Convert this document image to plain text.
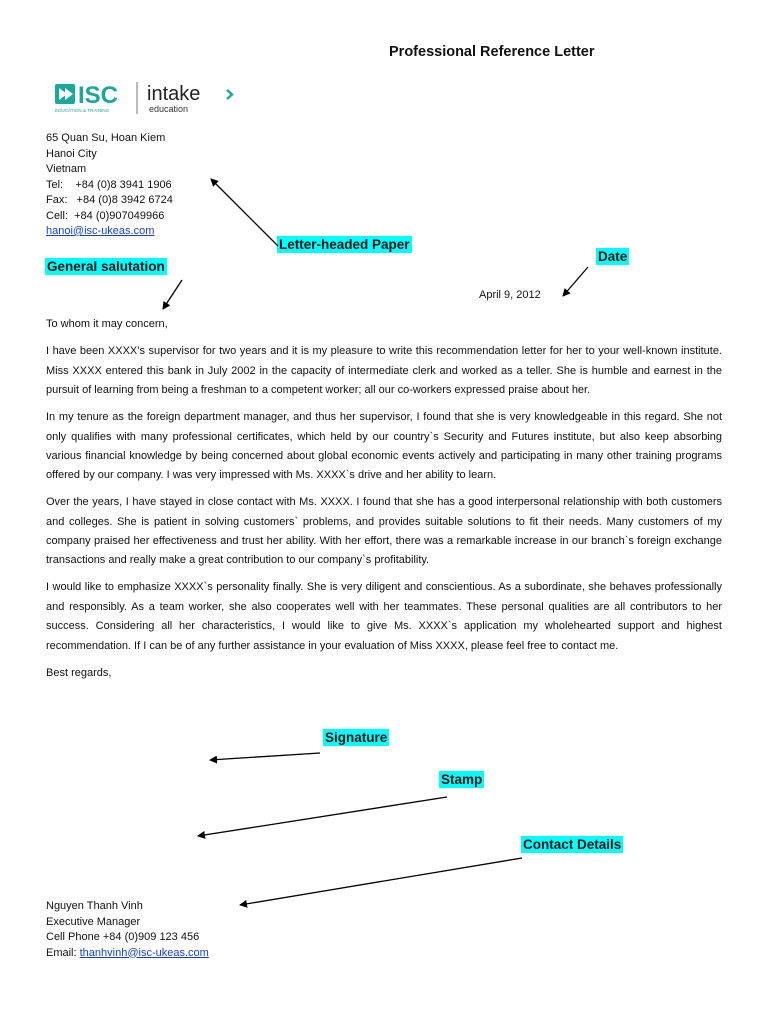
Professional Reference Letter
ISC
EDUCATION & TRAINING
intake
education
65 Quan Su, Hoan Kiem
Hanoi City
Vietnam
Tel:    +84 (0)8 3941 1906
Fax:   +84 (0)8 3942 6724
Cell:  +84 (0)907049966
hanoi@isc-ukeas.com
Letter-headed Paper
General salutation
Date
Signature
Stamp
Contact Details
April 9, 2012

To whom it may concern,

I have been XXXX’s supervisor for two years and it is my pleasure to write this recommendation letter for her to your well-known institute. Miss XXXX entered this bank in July 2002 in the capacity of intermediate clerk and worked as a teller. She is humble and earnest in the pursuit of learning from being a freshman to a competent worker; all our co-workers expressed praise about her.

In my tenure as the foreign department manager, and thus her supervisor, I found that she is very knowledgeable in this regard. She not only qualifies with many professional certificates, which held by our country`s Security and Futures institute, but also keep absorbing various financial knowledge by being concerned about global economic events actively and participating in many other training programs offered by our company. I was very impressed with Ms. XXXX`s drive and her ability to learn.

Over the years, I have stayed in close contact with Ms. XXXX. I found that she has a good interpersonal relationship with both customers and colleges. She is patient in solving customers` problems, and provides suitable solutions to fit their needs. Many customers of my company praised her effectiveness and trust her ability. With her effort, there was a remarkable increase in our branch`s foreign exchange transactions and really make a great contribution to our company`s profitability.

I would like to emphasize XXXX`s personality finally. She is very diligent and conscientious. As a subordinate, she behaves professionally and responsibly. As a team worker, she also cooperates well with her teammates. These personal qualities are all contributors to her success. Considering all her characteristics, I would like to give Ms. XXXX`s application my wholehearted support and highest recommendation. If I can be of any further assistance in your evaluation of Miss XXXX, please feel free to contact me.

Best regards,

Nguyen Thanh Vinh
Executive Manager
Cell Phone +84 (0)909 123 456
Email: thanhvinh@isc-ukeas.com
